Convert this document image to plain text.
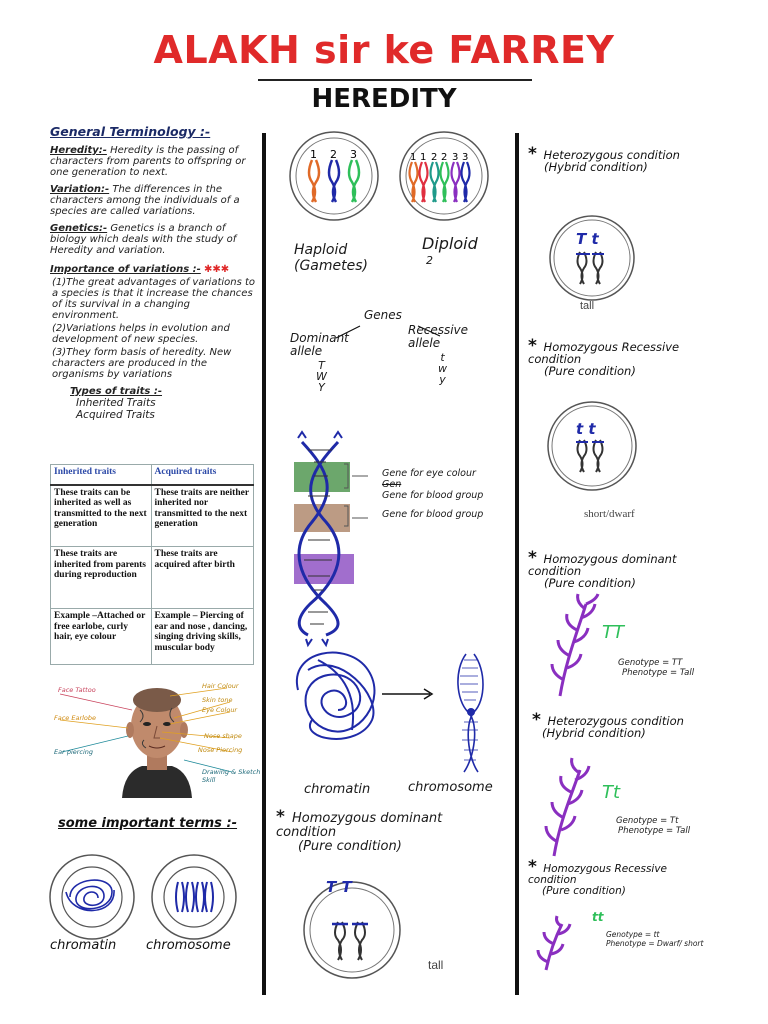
ALAKH sir ke FARREY
HEREDITY
General Terminology :-
Heredity:- Heredity is the passing of characters from parents to offspring or one generation to next.
Variation:- The differences in the characters among the individuals of a species are called variations.
Genetics:- Genetics is a branch of biology which deals with the study of Heredity and variation.
Importance of variations :- ✱✱✱
(1)The great advantages of variations to a species is that it increase the chances of its survival in a changing environment.
(2)Variations helps in evolution and development of new species.
(3)They form basis of heredity. New characters are produced in the organisms by variations
Types of traits :-
Inherited Traits
Acquired Traits
Inherited traits	Acquired traits
These traits can be inherited as well as transmitted to the next generation	These traits are neither inherited nor transmitted to the next generation
These traits are inherited from parents during reproduction	These traits are acquired after birth
Example –Attached or free earlobe, curly hair, eye colour	Example – Piercing of ear and nose , dancing, singing driving skills, muscular body
Face Tattoo
Face Earlobe
Ear piercing
Hair Colour
Skin tone
Eye Colour
Nose shape
Nose Piercing
Drawing & Sketch Skill
some important terms :-
chromatin chromosome
1 2 3	1 1 2 2 3 3
Haploid
(Gametes)
Diploid
2
Genes
Dominant allele
T
W
Y
Recessive allele
t
w
y
Gene for eye colour
Gen
Gene for blood group
Gene for blood group
chromatin	chromosome
* Homozygous dominant condition
(Pure condition)
T T
tall
* Heterozygous condition
(Hybrid condition)
T t
tall
* Homozygous Recessive condition
(Pure condition)
t t
short/dwarf
* Homozygous dominant condition
(Pure condition)
TT
Genotype = TT
Phenotype = Tall
* Heterozygous condition
(Hybrid condition)
Tt
Genotype = Tt
Phenotype = Tall
* Homozygous Recessive condition
(Pure condition)
tt
Genotype = tt
Phenotype = Dwarf/ short
